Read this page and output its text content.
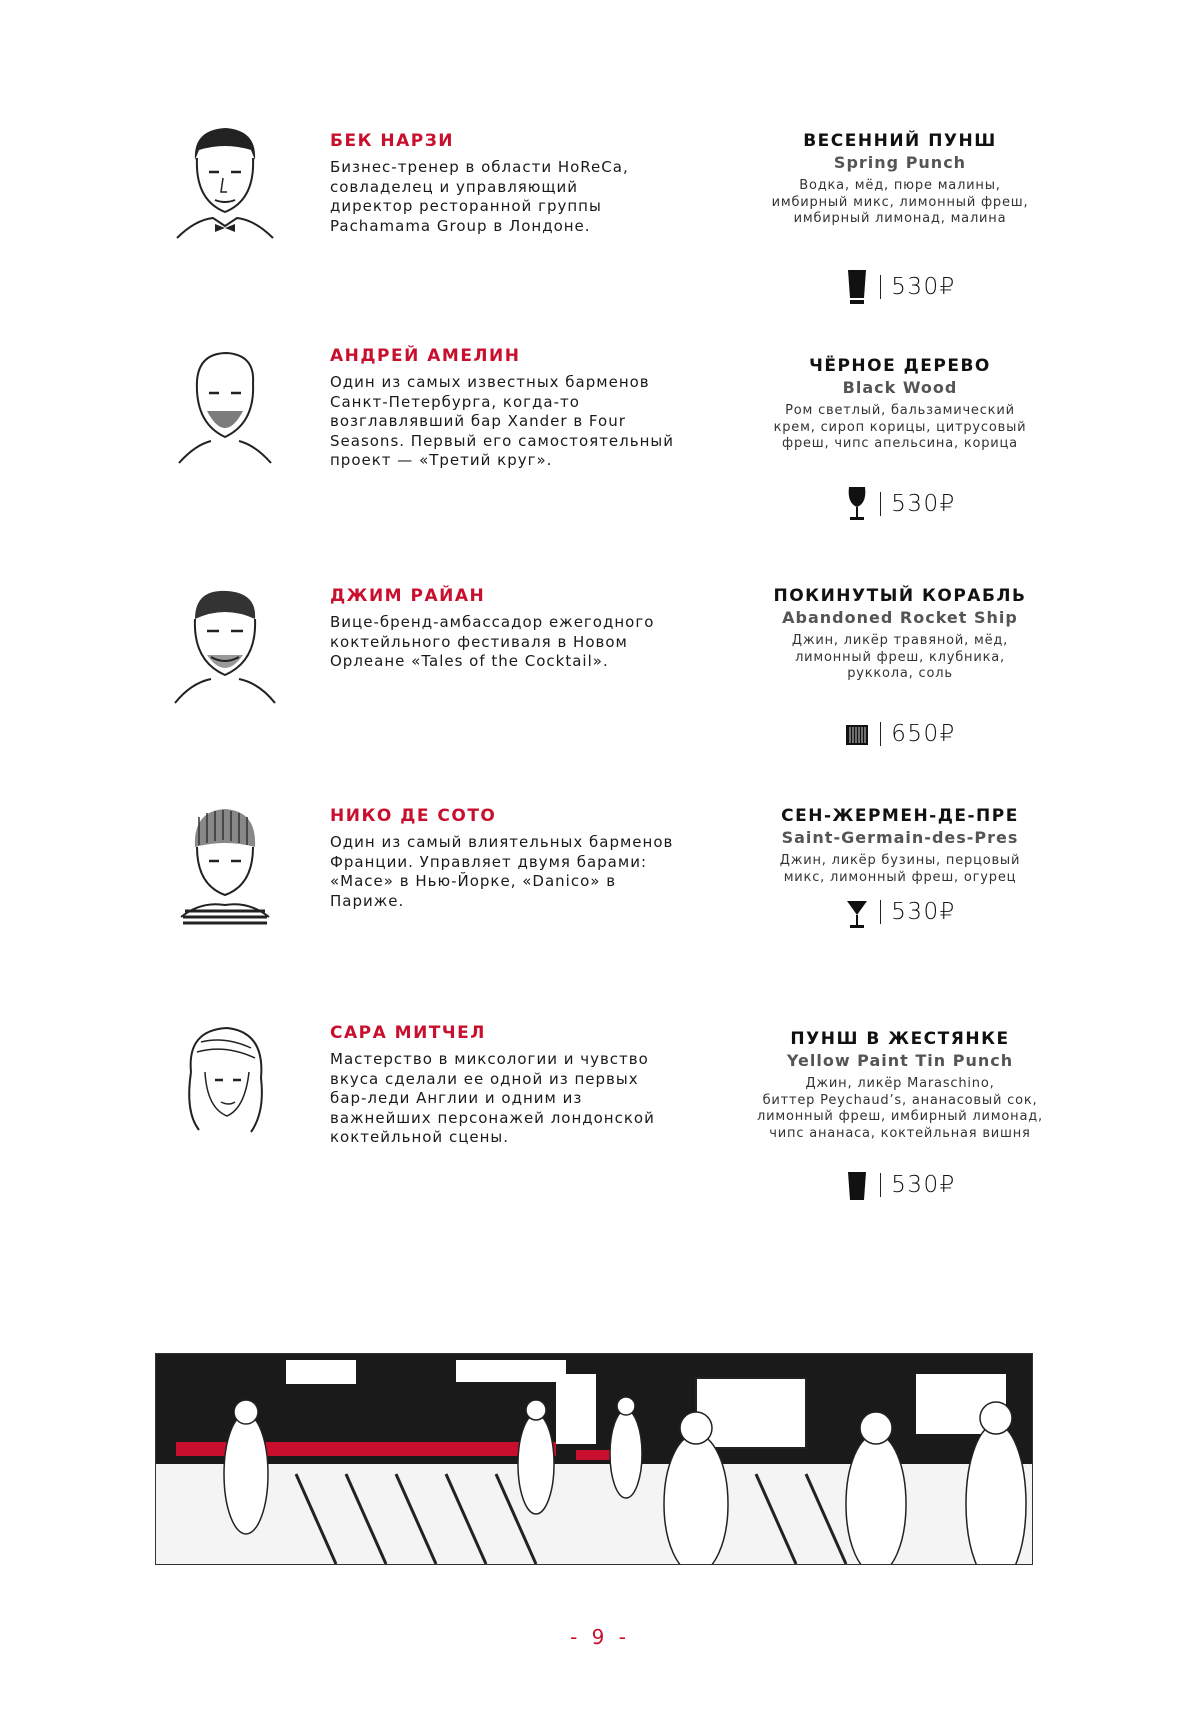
БЕК НАРЗИ
Бизнес-тренер в области HoReCa,
совладелец и управляющий
директор ресторанной группы
Pachamama Group в Лондоне.
ВЕСЕННИЙ ПУНШ
Spring Punch
Водка, мёд, пюре малины,
имбирный микс, лимонный фреш,
имбирный лимонад, малина
530₽
АНДРЕЙ АМЕЛИН
Один из самых известных барменов
Санкт-Петербурга, когда-то
возглавлявший бар Xander в Four
Seasons. Первый его самостоятельный
проект — «Третий круг».
ЧЁРНОЕ ДЕРЕВО
Black Wood
Ром светлый, бальзамический
крем, сироп корицы, цитрусовый
фреш, чипс апельсина, корица
530₽
ДЖИМ РАЙАН
Вице-бренд-амбассадор ежегодного
коктейльного фестиваля в Новом
Орлеане «Tales of the Cocktail».
ПОКИНУТЫЙ КОРАБЛЬ
Abandoned Rocket Ship
Джин, ликёр травяной, мёд,
лимонный фреш, клубника,
руккола, соль
650₽
НИКО ДЕ СОТО
Один из самый влиятельных барменов
Франции. Управляет двумя барами:
«Mace» в Нью-Йорке, «Danico» в
Париже.
СЕН-ЖЕРМЕН-ДЕ-ПРЕ
Saint-Germain-des-Pres
Джин, ликёр бузины, перцовый
микс, лимонный фреш, огурец
530₽
САРА МИТЧЕЛ
Мастерство в миксологии и чувство
вкуса сделали ее одной из первых
бар-леди Англии и одним из
важнейших персонажей лондонской
коктейльной сцены.
ПУНШ В ЖЕСТЯНКЕ
Yellow Paint Tin Punch
Джин, ликёр Maraschino,
биттер Peychaud’s, ананасовый сок,
лимонный фреш, имбирный лимонад,
чипс ананаса, коктейльная вишня
530₽
- 9 -
